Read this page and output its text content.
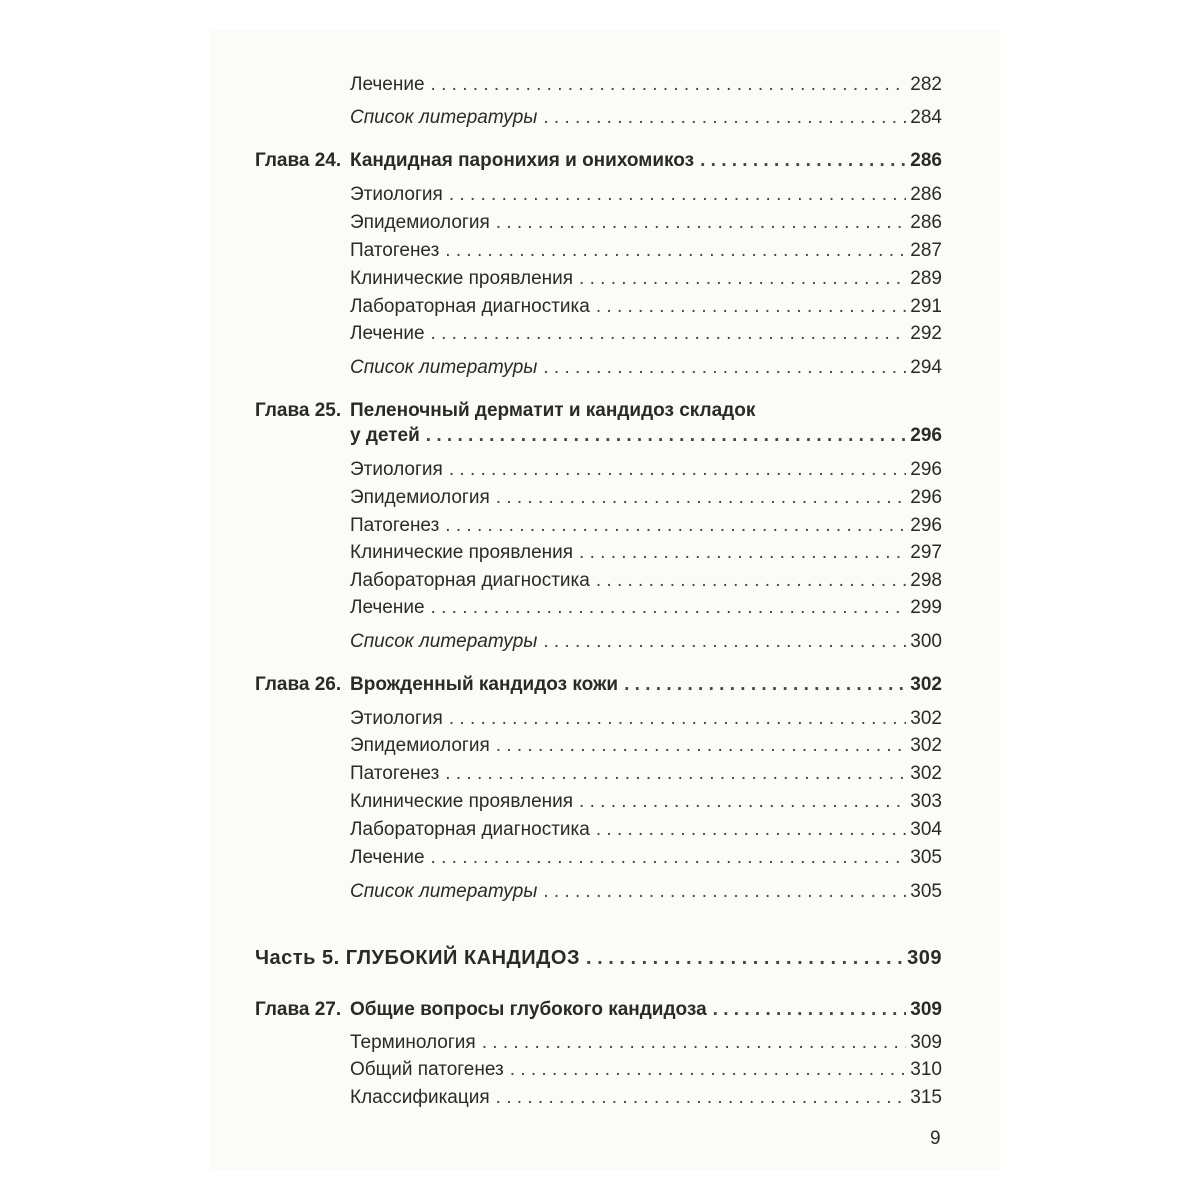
Лечение . . .	282
Список литературы . . .	284
Глава 24. Кандидная паронихия и онихомикоз . . .	286
Этиология . . .	286
Эпидемиология . . .	286
Патогенез . . .	287
Клинические проявления . . .	289
Лабораторная диагностика . . .	291
Лечение . . .	292
Список литературы . . .	294
Глава 25. Пеленочный дерматит и кандидоз складок
у детей . . .	296
Этиология . . .	296
Эпидемиология . . .	296
Патогенез . . .	296
Клинические проявления . . .	297
Лабораторная диагностика . . .	298
Лечение . . .	299
Список литературы . . .	300
Глава 26. Врожденный кандидоз кожи . . .	302
Этиология . . .	302
Эпидемиология . . .	302
Патогенез . . .	302
Клинические проявления . . .	303
Лабораторная диагностика . . .	304
Лечение . . .	305
Список литературы . . .	305
Часть 5. ГЛУБОКИЙ КАНДИДОЗ . . .	309
Глава 27. Общие вопросы глубокого кандидоза . . .	309
Терминология . . .	309
Общий патогенез . . .	310
Классификация . . .	315
9
